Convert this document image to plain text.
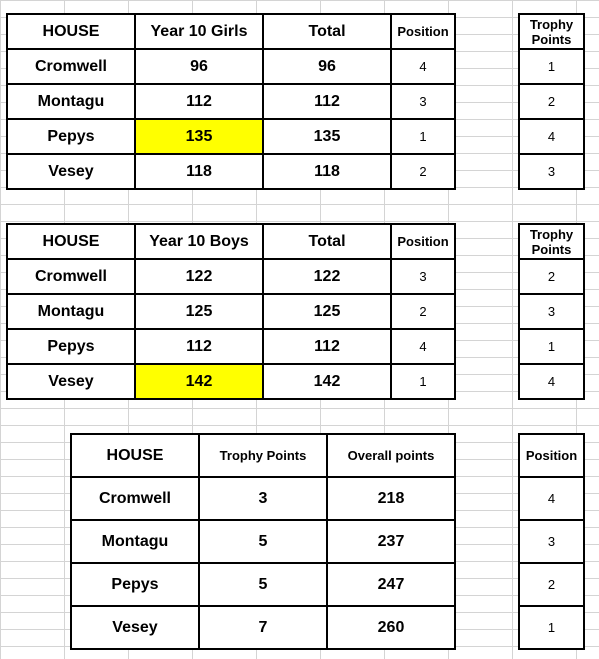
HOUSE	Year 10 Girls	Total	Position
Cromwell	96	96	4
Montagu	112	112	3
Pepys	135	135	1
Vesey	118	118	2
Trophy
Points
1
2
4
3
HOUSE	Year 10 Boys	Total	Position
Cromwell	122	122	3
Montagu	125	125	2
Pepys	112	112	4
Vesey	142	142	1
Trophy
Points
2
3
1
4
HOUSE	Trophy Points	Overall points
Cromwell	3	218
Montagu	5	237
Pepys	5	247
Vesey	7	260
Position
4
3
2
1
